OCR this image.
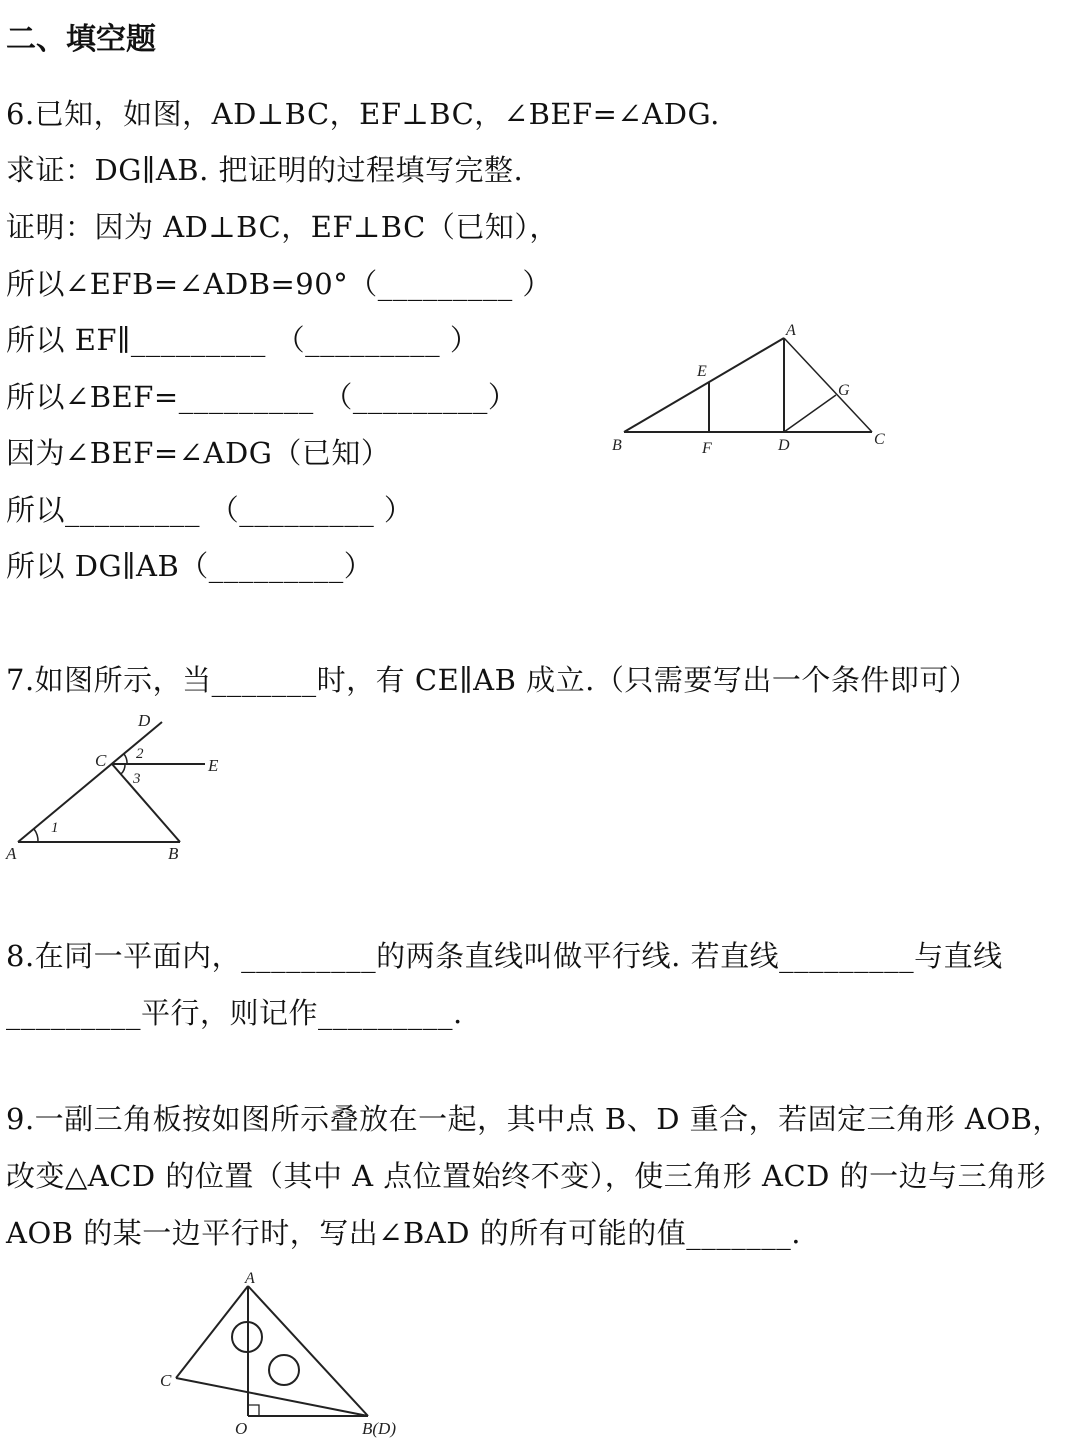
二、填空题
6.已知，如图，AD⊥BC，EF⊥BC，∠BEF=∠ADG.
求证：DG∥AB. 把证明的过程填写完整.
证明：因为 AD⊥BC，EF⊥BC（已知），
所以∠EFB=∠ADB=90°（_________ ）
所以 EF∥_________ （_________ ）
所以∠BEF=_________ （_________）
因为∠BEF=∠ADG（已知）
所以_________ （_________ ）
所以 DG∥AB（_________）
A
E
G
B	F	D	C
7.如图所示，当_______时，有 CE∥AB 成立.（只需要写出一个条件即可）
D
C	E
A	B
1
2
3
8.在同一平面内，_________的两条直线叫做平行线. 若直线_________与直线
_________平行，则记作_________.
9.一副三角板按如图所示叠放在一起，其中点 B、D 重合，若固定三角形 AOB，
改变△ACD 的位置（其中 A 点位置始终不变），使三角形 ACD 的一边与三角形
AOB 的某一边平行时，写出∠BAD 的所有可能的值_______.
A
C
O	B(D)
